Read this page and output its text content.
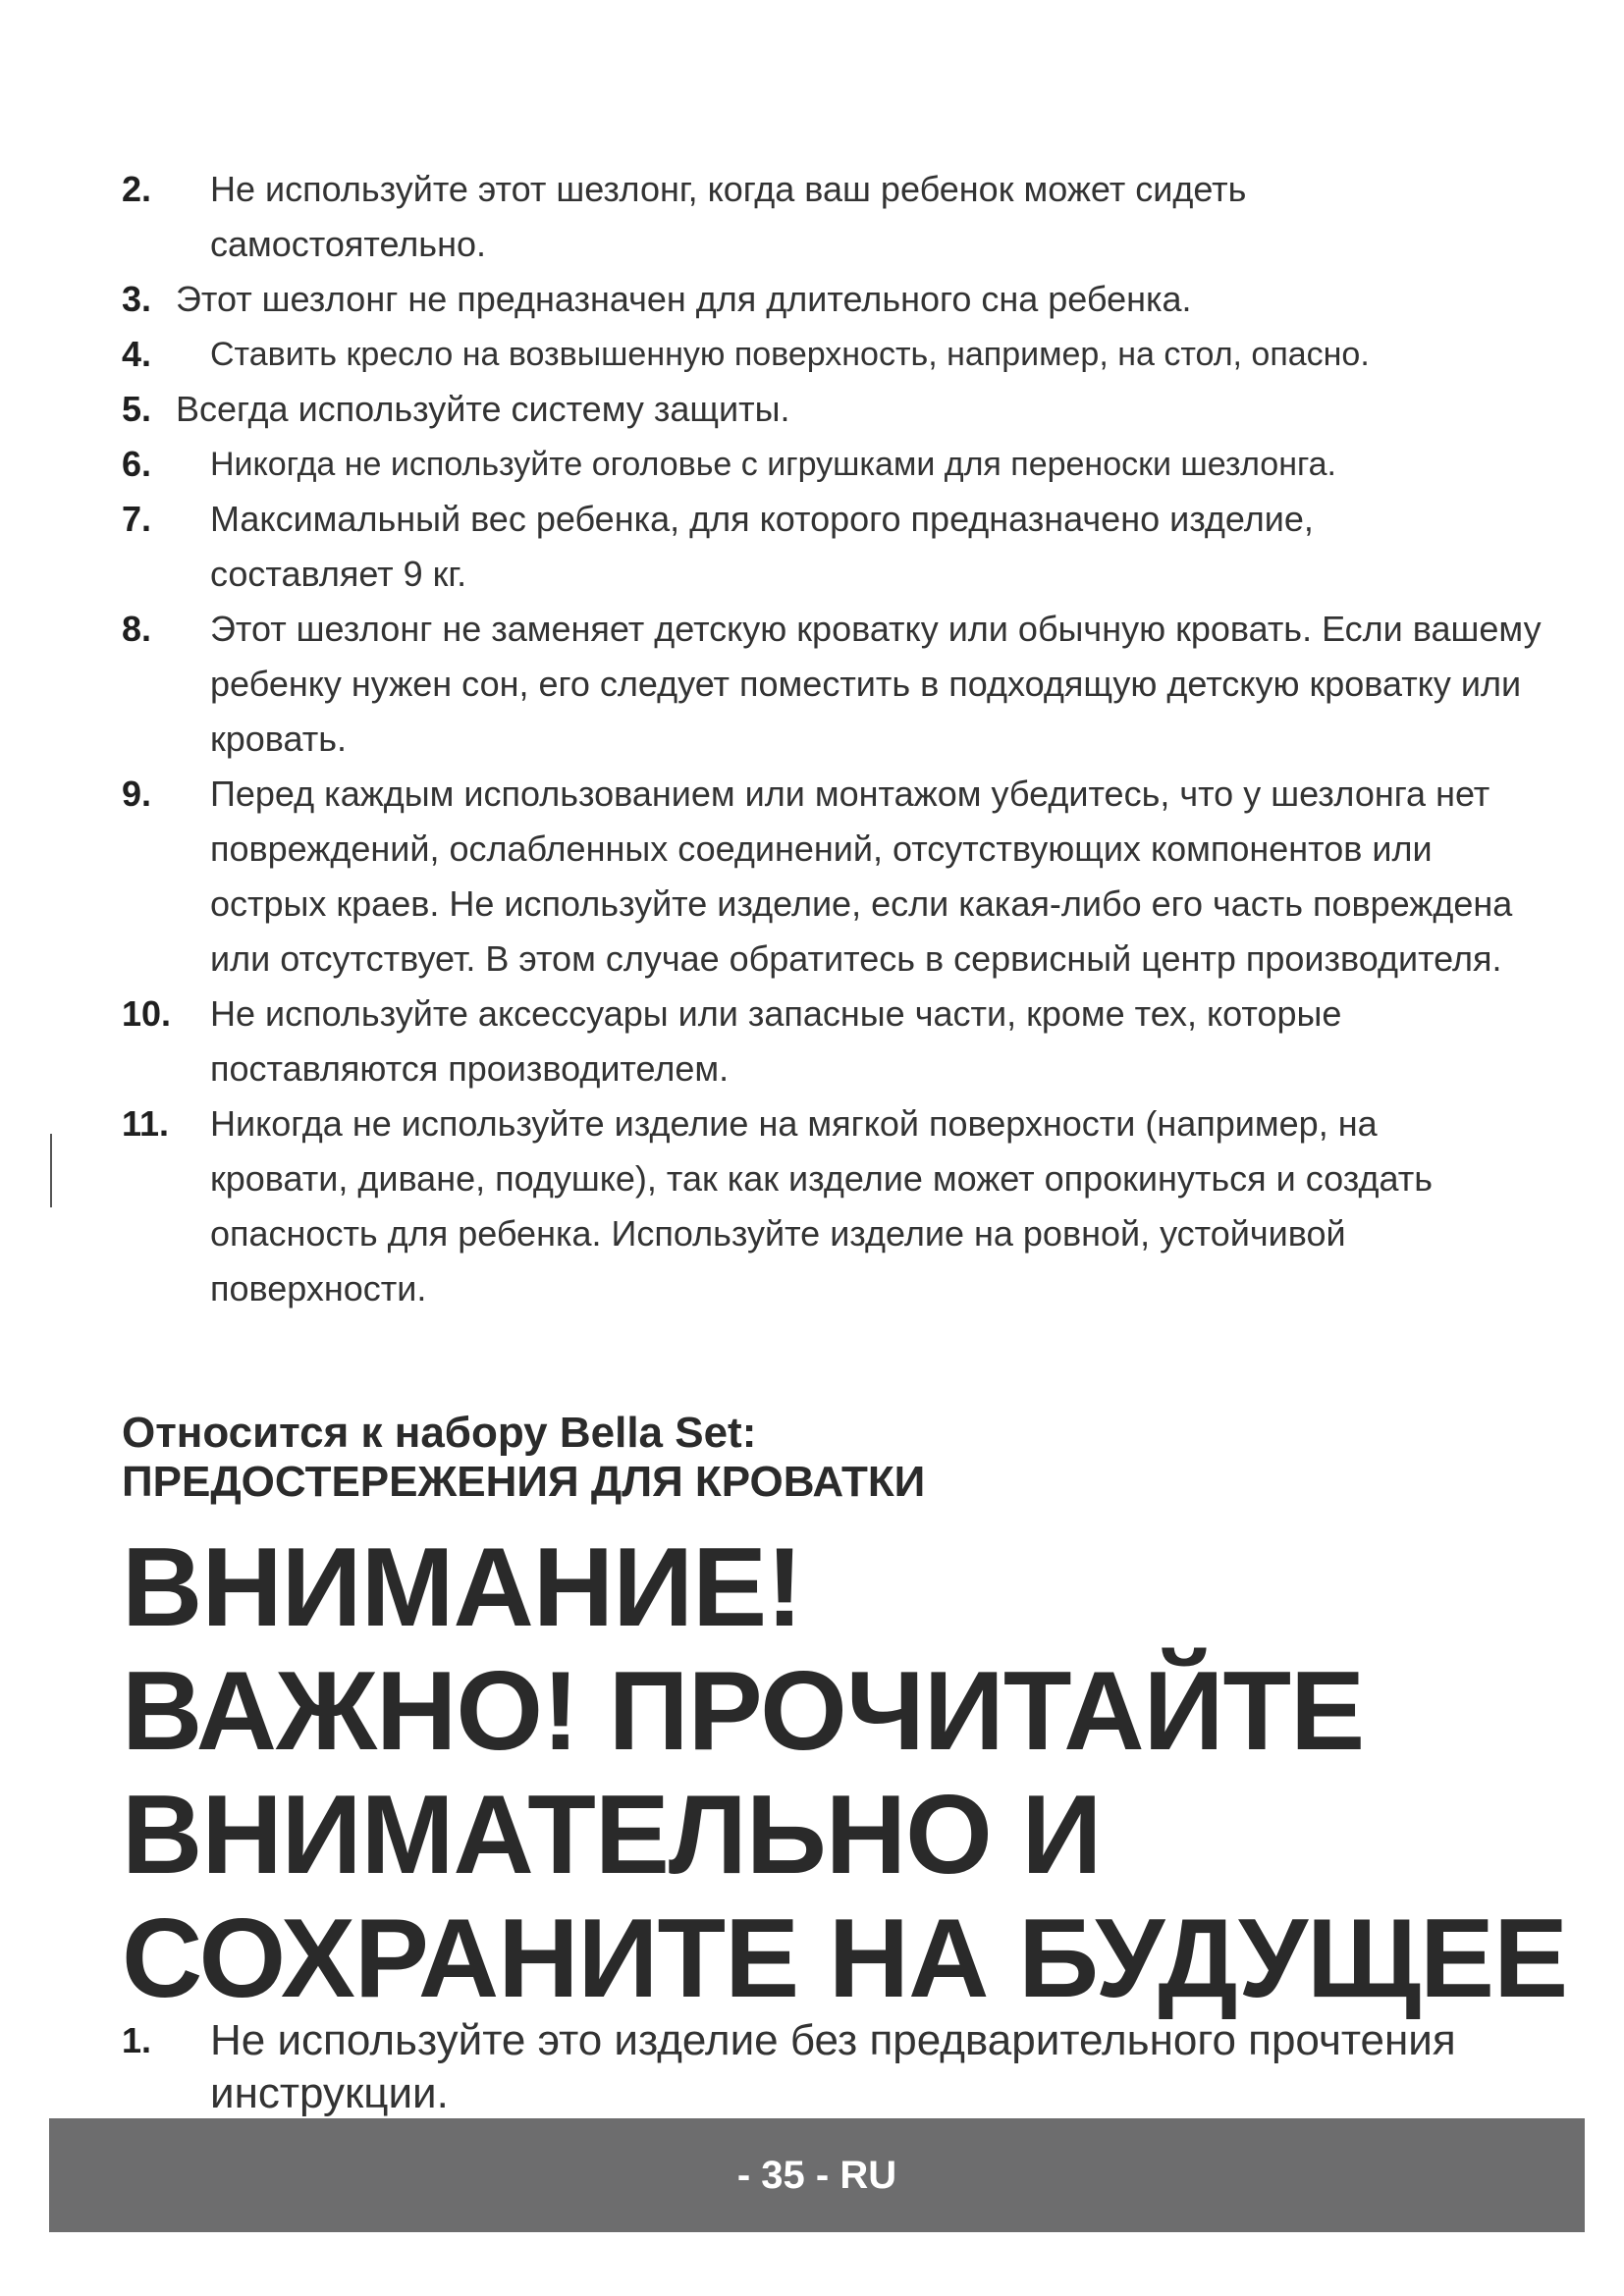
2.	Не используйте этот шезлонг, когда ваш ребенок может сидеть самостоятельно.
3. Этот шезлонг не предназначен для длительного сна ребенка.
4.	Ставить кресло на возвышенную поверхность, например, на стол, опасно.
5. Всегда используйте систему защиты.
6.	Никогда не используйте оголовье с игрушками для переноски шезлонга.
7.	Максимальный вес ребенка, для которого предназначено изделие, составляет 9 кг.
8.	Этот шезлонг не заменяет детскую кроватку или обычную кровать. Если вашему ребенку нужен сон, его следует поместить в подходящую детскую кроватку или кровать.
9.	Перед каждым использованием или монтажом убедитесь, что у шезлонга нет повреждений, ослабленных соединений, отсутствующих компонентов или острых краев. Не используйте изделие, если какая-либо его часть повреждена или отсутствует. В этом случае обратитесь в сервисный центр производителя.
10.	Не используйте аксессуары или запасные части, кроме тех, которые поставляются производителем.
11.	Никогда не используйте изделие на мягкой поверхности (например, на кровати, диване, подушке), так как изделие может опрокинуться и создать опасность для ребенка. Используйте изделие на ровной, устойчивой поверхности.
Относится к набору Bella Set:
ПРЕДОСТЕРЕЖЕНИЯ ДЛЯ КРОВАТКИ
ВНИМАНИЕ!
ВАЖНО! ПРОЧИТАЙТЕ
ВНИМАТЕЛЬНО И
СОХРАНИТЕ НА БУДУЩЕЕ
1.	Не используйте это изделие без предварительного прочтения инструкции.
- 35 - RU
